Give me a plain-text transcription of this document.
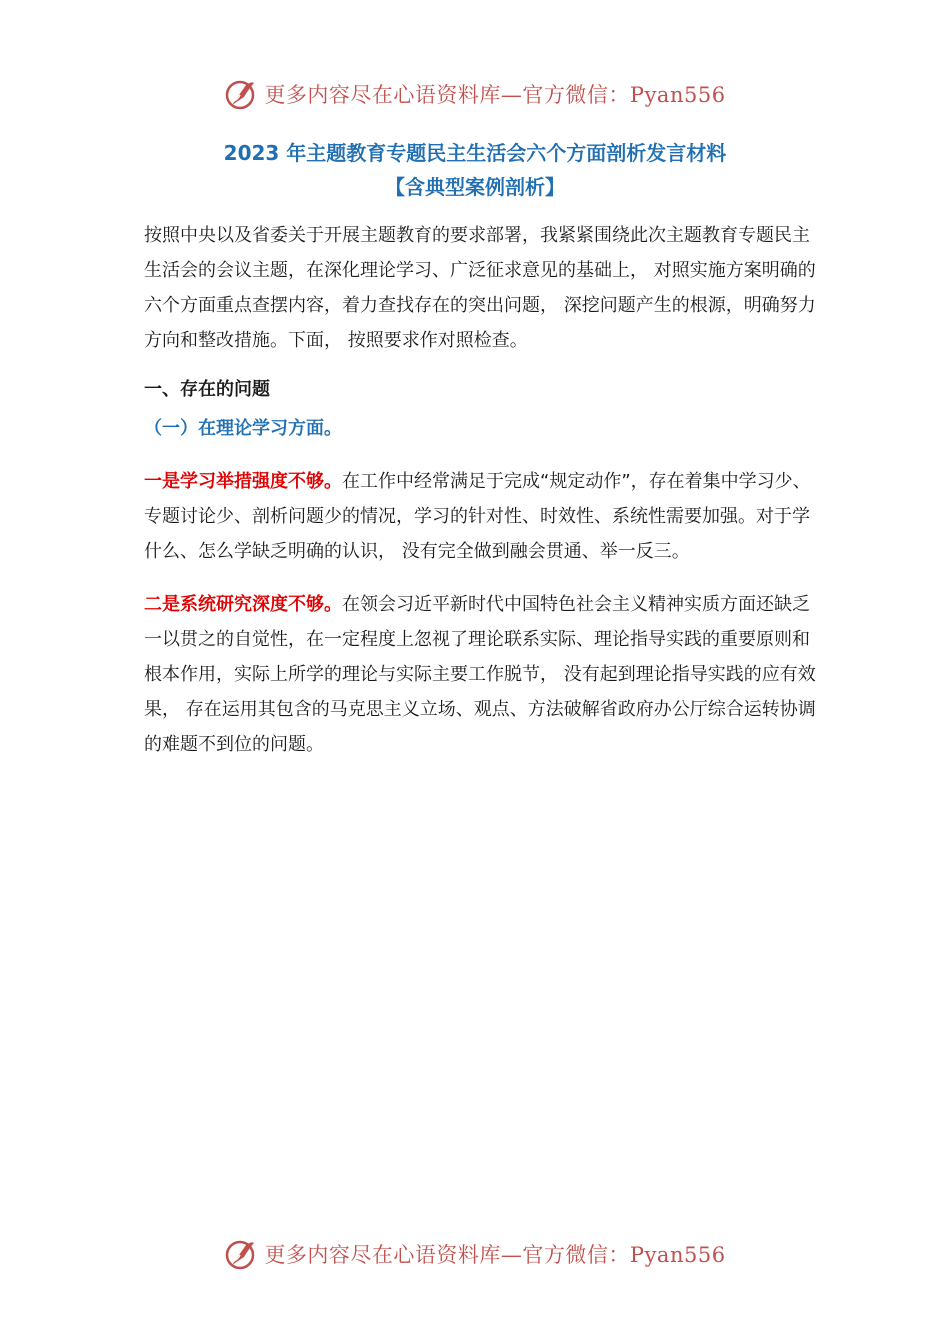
更多内容尽在心语资料库—官方微信：Pyan556
2023 年主题教育专题民主生活会六个方面剖析发言材料
【含典型案例剖析】

按照中央以及省委关于开展主题教育的要求部署，我紧紧围绕此次主题教育专题民主生活会的会议主题，在深化理论学习、广泛征求意见的基础上， 对照实施方案明确的六个方面重点查摆内容，着力查找存在的突出问题， 深挖问题产生的根源，明确努力方向和整改措施。下面， 按照要求作对照检查。

一、存在的问题

（一）在理论学习方面。

一是学习举措强度不够。在工作中经常满足于完成“规定动作”，存在着集中学习少、专题讨论少、剖析问题少的情况，学习的针对性、时效性、系统性需要加强。对于学什么、怎么学缺乏明确的认识， 没有完全做到融会贯通、举一反三。

二是系统研究深度不够。在领会习近平新时代中国特色社会主义精神实质方面还缺乏一以贯之的自觉性，在一定程度上忽视了理论联系实际、理论指导实践的重要原则和根本作用，实际上所学的理论与实际主要工作脱节， 没有起到理论指导实践的应有效果， 存在运用其包含的马克思主义立场、观点、方法破解省政府办公厅综合运转协调的难题不到位的问题。

更多内容尽在心语资料库—官方微信：Pyan556
